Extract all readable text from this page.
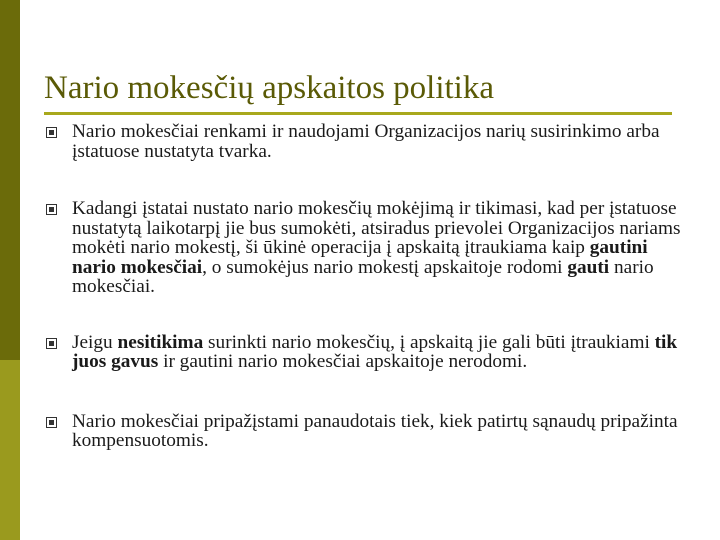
Nario mokesčių apskaitos politika
Nario mokesčiai renkami ir naudojami Organizacijos narių susirinkimo arba įstatuose nustatyta tvarka.
Kadangi įstatai nustato nario mokesčių mokėjimą ir tikimasi, kad per įstatuose nustatytą laikotarpį jie bus sumokėti, atsiradus prievolei Organizacijos nariams mokėti nario mokestį, ši ūkinė operacija į apskaitą įtraukiama kaip gautini nario mokesčiai, o sumokėjus nario mokestį apskaitoje rodomi gauti nario mokesčiai.
Jeigu nesitikima surinkti nario mokesčių, į apskaitą jie gali būti įtraukiami tik juos gavus ir gautini nario mokesčiai apskaitoje nerodomi.
Nario mokesčiai pripažįstami panaudotais tiek, kiek patirtų sąnaudų pripažinta kompensuotomis.
